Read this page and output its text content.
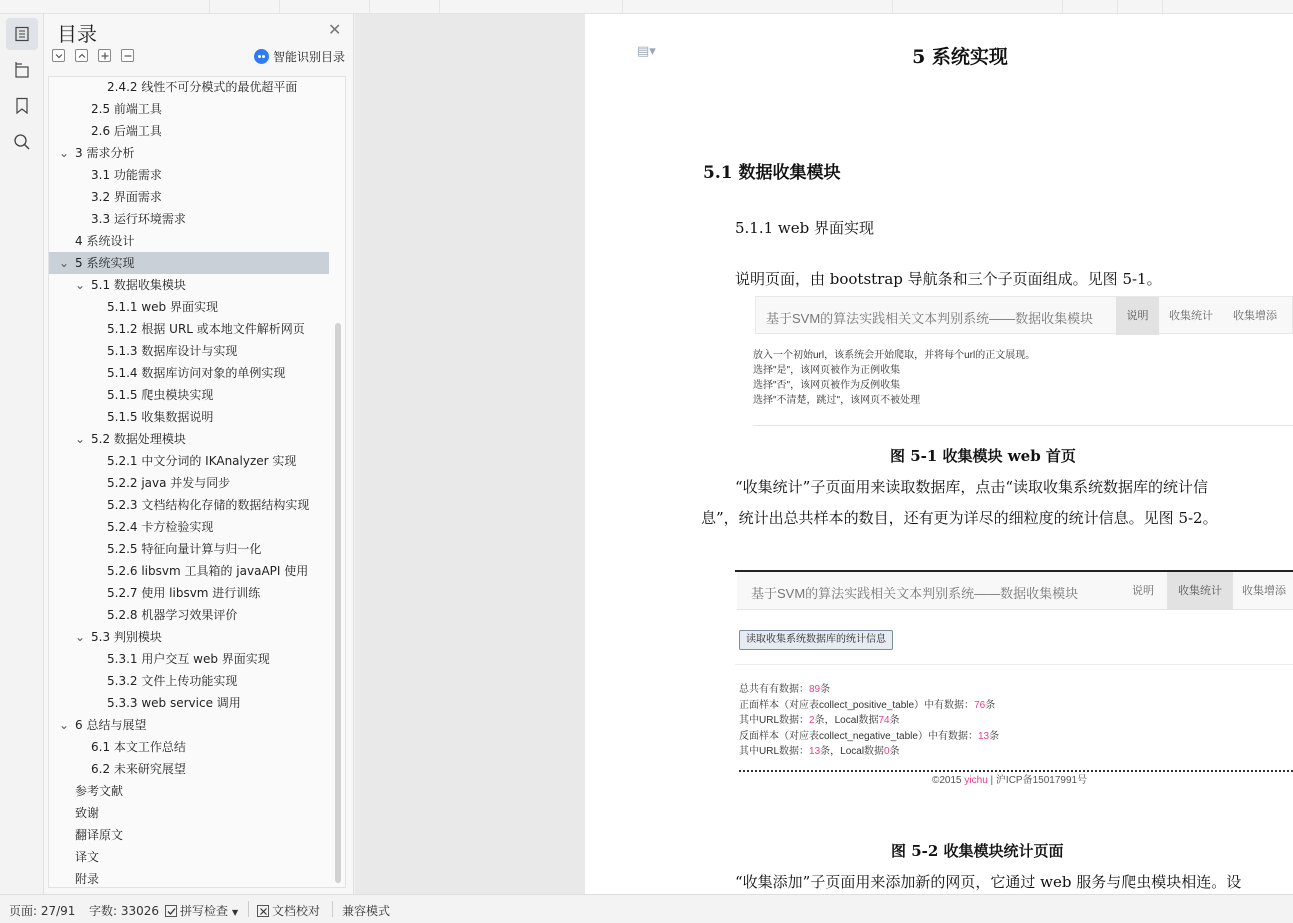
目录	✕
智能识别目录
2.4.2 线性不可分模式的最优超平面
2.5 前端工具
2.6 后端工具
⌄ 3 需求分析
3.1 功能需求
3.2 界面需求
3.3 运行环境需求
4 系统设计
⌄ 5 系统实现
⌄ 5.1 数据收集模块
5.1.1 web 界面实现
5.1.2 根据 URL 或本地文件解析网页
5.1.3 数据库设计与实现
5.1.4 数据库访问对象的单例实现
5.1.5 爬虫模块实现
5.1.5 收集数据说明
⌄ 5.2 数据处理模块
5.2.1 中文分词的 IKAnalyzer 实现
5.2.2 java 并发与同步
5.2.3 文档结构化存储的数据结构实现
5.2.4 卡方检验实现
5.2.5 特征向量计算与归一化
5.2.6 libsvm 工具箱的 javaAPI 使用
5.2.7 使用 libsvm 进行训练
5.2.8 机器学习效果评价
⌄ 5.3 判别模块
5.3.1 用户交互 web 界面实现
5.3.2 文件上传功能实现
5.3.3 web service 调用
⌄ 6 总结与展望
6.1 本文工作总结
6.2 未来研究展望
参考文献
致谢
翻译原文
译文
附录
▤▾	5 系统实现
5.1 数据收集模块
5.1.1 web 界面实现
说明页面，由 bootstrap 导航条和三个子页面组成。见图 5-1。
基于SVM的算法实践相关文本判别系统——数据收集模块	说明	收集统计	收集增添
放入一个初始url，该系统会开始爬取，并将每个url的正文展现。
选择"是"，该网页被作为正例收集
选择"否"，该网页被作为反例收集
选择"不清楚，跳过"，该网页不被处理
图 5-1 收集模块 web 首页
“收集统计”子页面用来读取数据库，点击“读取收集系统数据库的统计信
息”，统计出总共样本的数目，还有更为详尽的细粒度的统计信息。见图 5-2。
基于SVM的算法实践相关文本判别系统——数据收集模块	说明	收集统计	收集增添
读取收集系统数据库的统计信息
总共有有数据：89条
正面样本（对应表collect_positive_table）中有数据：76条
其中URL数据：2条，Local数据74条
反面样本（对应表collect_negative_table）中有数据：13条
其中URL数据：13条，Local数据0条
©2015 yichu | 沪ICP备15017991号
图 5-2 收集模块统计页面
“收集添加”子页面用来添加新的网页，它通过 web 服务与爬虫模块相连。设
页面: 27/91 字数: 33026	拼写检查 ▼	文档校对 兼容模式
